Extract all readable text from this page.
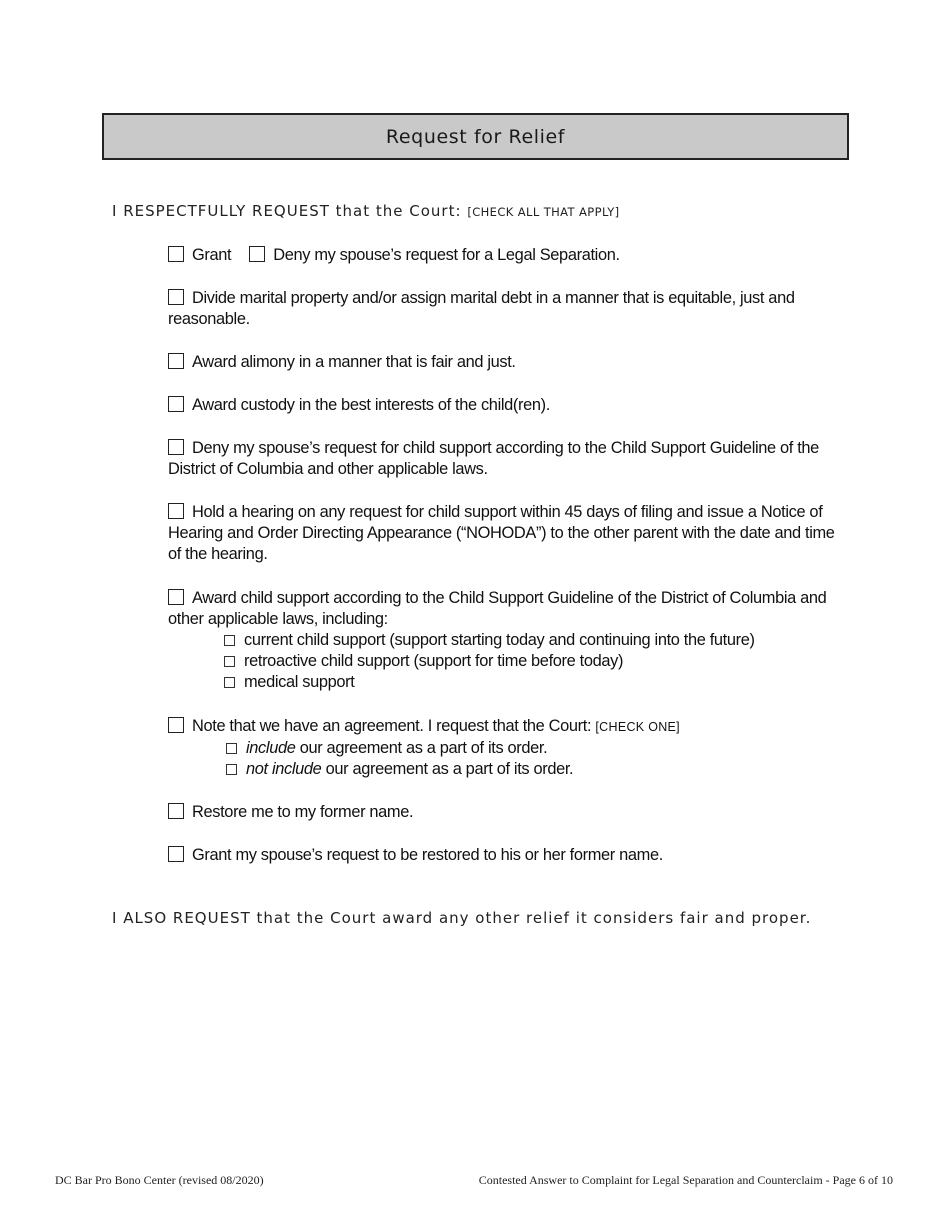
Request for Relief
I RESPECTFULLY REQUEST that the Court: [CHECK ALL THAT APPLY]
Grant	Deny my spouse’s request for a Legal Separation.
Divide marital property and/or assign marital debt in a manner that is equitable, just and reasonable.
Award alimony in a manner that is fair and just.
Award custody in the best interests of the child(ren).
Deny my spouse’s request for child support according to the Child Support Guideline of the District of Columbia and other applicable laws.
Hold a hearing on any request for child support within 45 days of filing and issue a Notice of Hearing and Order Directing Appearance (“NOHODA”) to the other parent with the date and time of the hearing.
Award child support according to the Child Support Guideline of the District of Columbia and other applicable laws, including:
current child support (support starting today and continuing into the future)
retroactive child support (support for time before today)
medical support
Note that we have an agreement. I request that the Court: [CHECK ONE]
include our agreement as a part of its order.
not include our agreement as a part of its order.
Restore me to my former name.
Grant my spouse’s request to be restored to his or her former name.
I ALSO REQUEST that the Court award any other relief it considers fair and proper.
DC Bar Pro Bono Center (revised 08/2020)	Contested Answer to Complaint for Legal Separation and Counterclaim - Page 6 of 10
